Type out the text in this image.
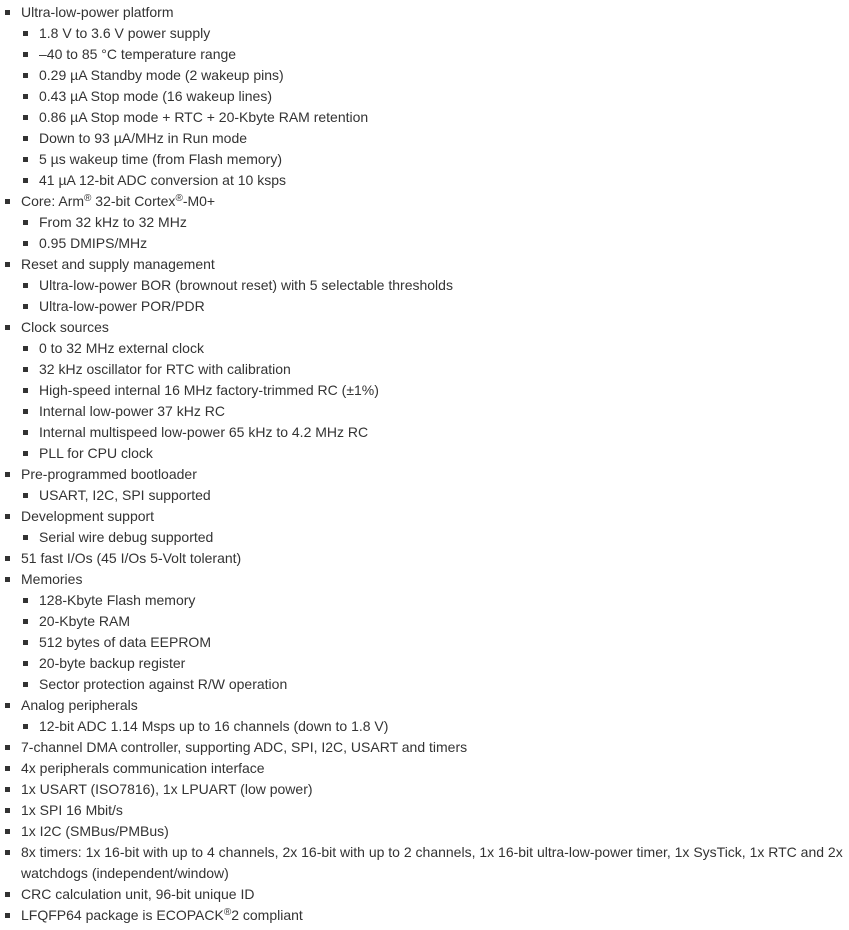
Ultra-low-power platform
1.8 V to 3.6 V power supply
–40 to 85 °C temperature range
0.29 µA Standby mode (2 wakeup pins)
0.43 µA Stop mode (16 wakeup lines)
0.86 µA Stop mode + RTC + 20-Kbyte RAM retention
Down to 93 µA/MHz in Run mode
5 µs wakeup time (from Flash memory)
41 µA 12-bit ADC conversion at 10 ksps
Core: Arm® 32-bit Cortex®-M0+
From 32 kHz to 32 MHz
0.95 DMIPS/MHz
Reset and supply management
Ultra-low-power BOR (brownout reset) with 5 selectable thresholds
Ultra-low-power POR/PDR
Clock sources
0 to 32 MHz external clock
32 kHz oscillator for RTC with calibration
High-speed internal 16 MHz factory-trimmed RC (±1%)
Internal low-power 37 kHz RC
Internal multispeed low-power 65 kHz to 4.2 MHz RC
PLL for CPU clock
Pre-programmed bootloader
USART, I2C, SPI supported
Development support
Serial wire debug supported
51 fast I/Os (45 I/Os 5-Volt tolerant)
Memories
128-Kbyte Flash memory
20-Kbyte RAM
512 bytes of data EEPROM
20-byte backup register
Sector protection against R/W operation
Analog peripherals
12-bit ADC 1.14 Msps up to 16 channels (down to 1.8 V)
7-channel DMA controller, supporting ADC, SPI, I2C, USART and timers
4x peripherals communication interface
1x USART (ISO7816), 1x LPUART (low power)
1x SPI 16 Mbit/s
1x I2C (SMBus/PMBus)
8x timers: 1x 16-bit with up to 4 channels, 2x 16-bit with up to 2 channels, 1x 16-bit ultra-low-power timer, 1x SysTick, 1x RTC and 2x watchdogs (independent/window)
CRC calculation unit, 96-bit unique ID
LFQFP64 package is ECOPACK®2 compliant
